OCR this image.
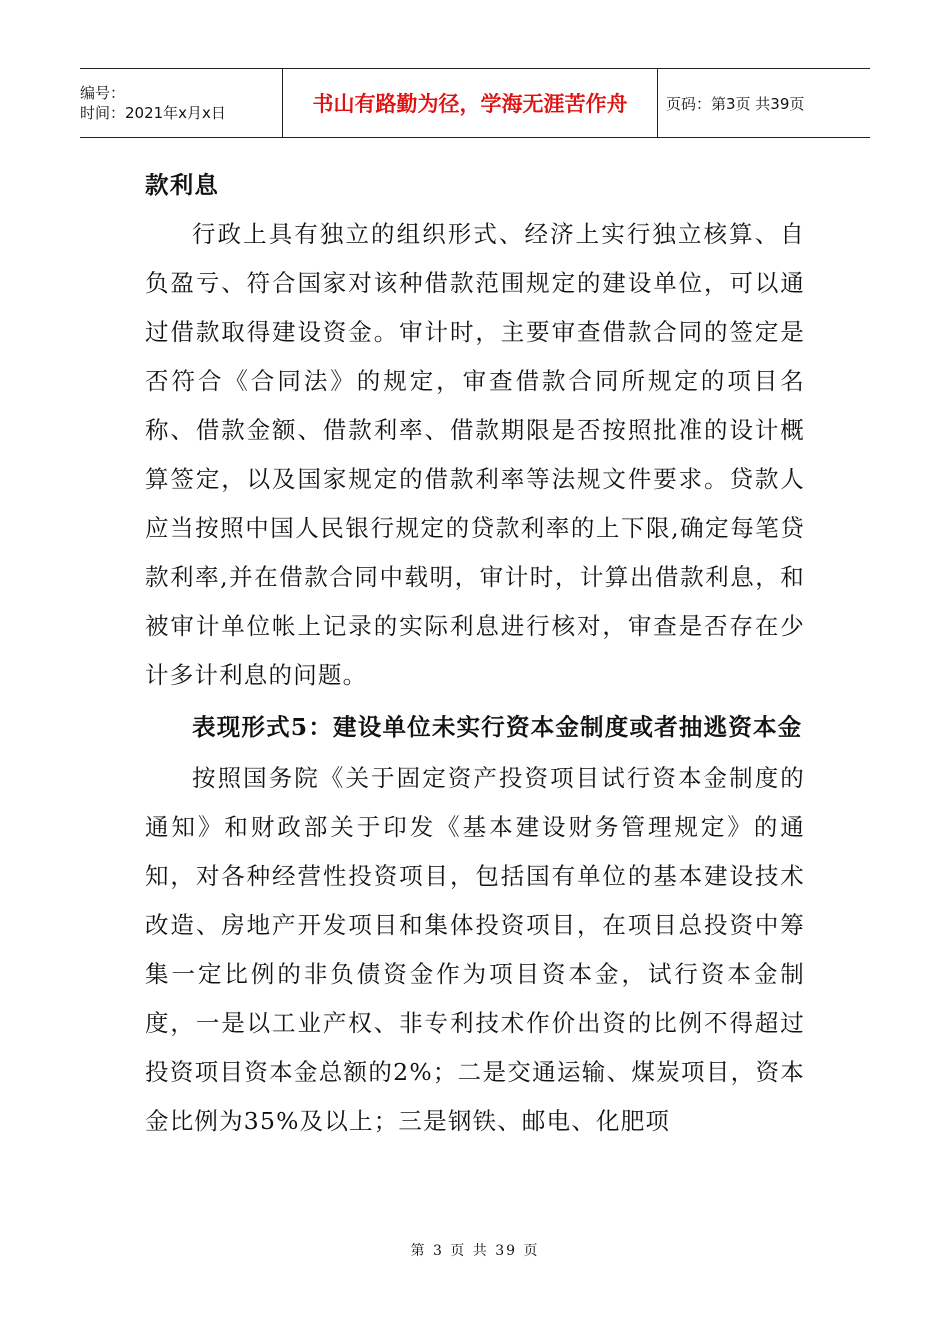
编号：
时间：2021年x月x日	书山有路勤为径，学海无涯苦作舟	页码：第3页 共39页

款利息

行政上具有独立的组织形式、经济上实行独立核算、自负盈亏、符合国家对该种借款范围规定的建设单位，可以通过借款取得建设资金。审计时，主要审查借款合同的签定是否符合《合同法》的规定，审查借款合同所规定的项目名称、借款金额、借款利率、借款期限是否按照批准的设计概算签定，以及国家规定的借款利率等法规文件要求。贷款人应当按照中国人民银行规定的贷款利率的上下限,确定每笔贷款利率,并在借款合同中载明，审计时，计算出借款利息，和被审计单位帐上记录的实际利息进行核对，审查是否存在少计多计利息的问题。

表现形式5：建设单位未实行资本金制度或者抽逃资本金

按照国务院《关于固定资产投资项目试行资本金制度的通知》和财政部关于印发《基本建设财务管理规定》的通知，对各种经营性投资项目，包括国有单位的基本建设技术改造、房地产开发项目和集体投资项目，在项目总投资中筹集一定比例的非负债资金作为项目资本金，试行资本金制度，一是以工业产权、非专利技术作价出资的比例不得超过投资项目资本金总额的2%；二是交通运输、煤炭项目，资本金比例为35%及以上；三是钢铁、邮电、化肥项

第 3 页 共 39 页
